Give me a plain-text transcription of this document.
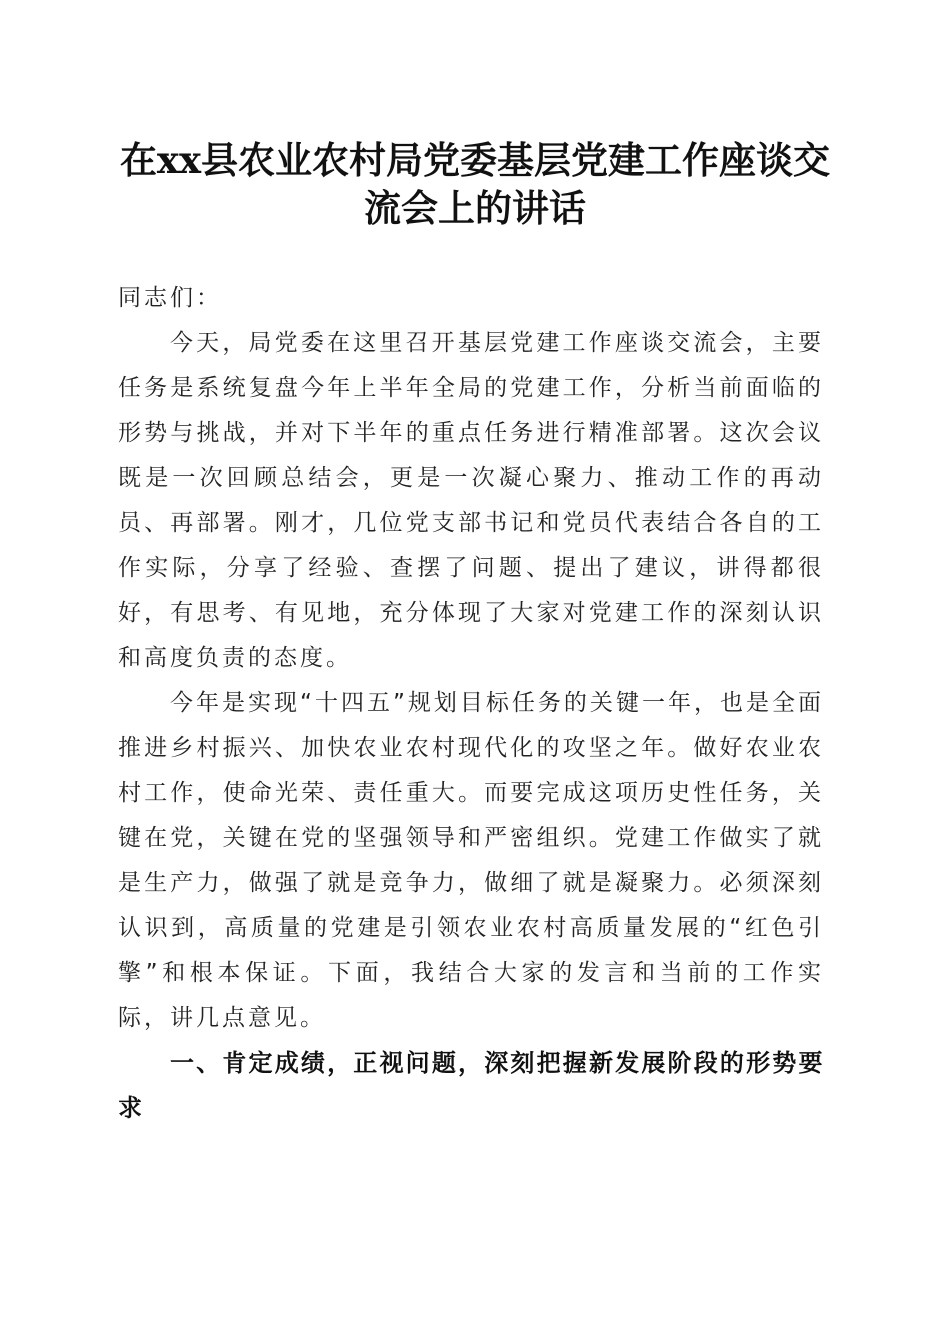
在xx县农业农村局党委基层党建工作座谈交
流会上的讲话

同志们：

今天，局党委在这里召开基层党建工作座谈交流会，主要任务是系统复盘今年上半年全局的党建工作，分析当前面临的形势与挑战，并对下半年的重点任务进行精准部署。这次会议既是一次回顾总结会，更是一次凝心聚力、推动工作的再动员、再部署。刚才，几位党支部书记和党员代表结合各自的工作实际，分享了经验、查摆了问题、提出了建议，讲得都很好，有思考、有见地，充分体现了大家对党建工作的深刻认识和高度负责的态度。

今年是实现“十四五”规划目标任务的关键一年，也是全面推进乡村振兴、加快农业农村现代化的攻坚之年。做好农业农村工作，使命光荣、责任重大。而要完成这项历史性任务，关键在党，关键在党的坚强领导和严密组织。党建工作做实了就是生产力，做强了就是竞争力，做细了就是凝聚力。必须深刻认识到，高质量的党建是引领农业农村高质量发展的“红色引擎”和根本保证。下面，我结合大家的发言和当前的工作实际，讲几点意见。

一、肯定成绩，正视问题，深刻把握新发展阶段的形势要求
